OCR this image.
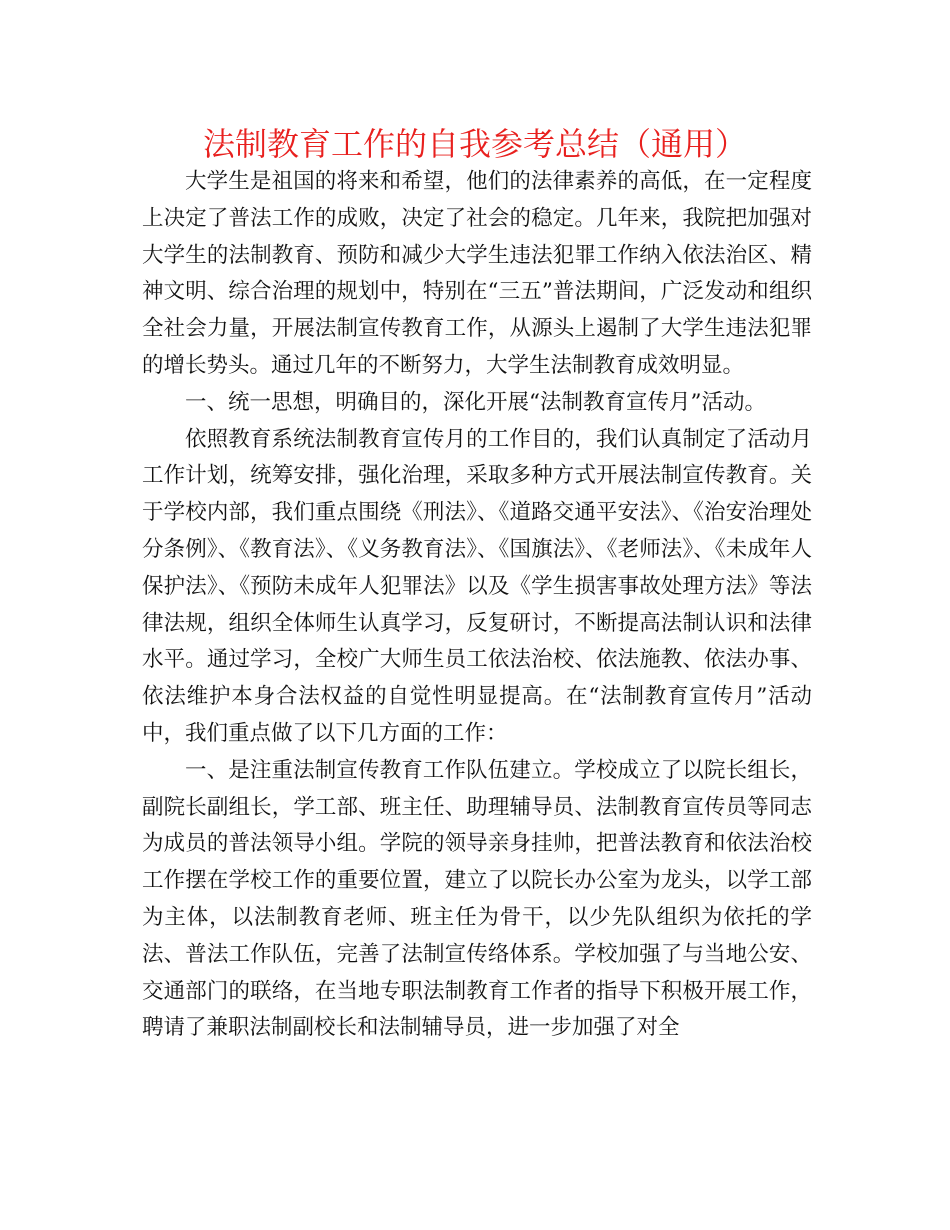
法制教育工作的自我参考总结（通用）

大学生是祖国的将来和希望，他们的法律素养的高低，在一定程度上决定了普法工作的成败，决定了社会的稳定。几年来，我院把加强对大学生的法制教育、预防和减少大学生违法犯罪工作纳入依法治区、精神文明、综合治理的规划中，特别在“三五”普法期间，广泛发动和组织全社会力量，开展法制宣传教育工作，从源头上遏制了大学生违法犯罪的增长势头。通过几年的不断努力，大学生法制教育成效明显。

一、统一思想，明确目的，深化开展“法制教育宣传月”活动。

依照教育系统法制教育宣传月的工作目的，我们认真制定了活动月工作计划，统筹安排，强化治理，采取多种方式开展法制宣传教育。关于学校内部，我们重点围绕《刑法》、《道路交通平安法》、《治安治理处分条例》、《教育法》、《义务教育法》、《国旗法》、《老师法》、《未成年人保护法》、《预防未成年人犯罪法》以及《学生损害事故处理方法》等法律法规，组织全体师生认真学习，反复研讨，不断提高法制认识和法律水平。通过学习，全校广大师生员工依法治校、依法施教、依法办事、依法维护本身合法权益的自觉性明显提高。在“法制教育宣传月”活动中，我们重点做了以下几方面的工作：

一、是注重法制宣传教育工作队伍建立。学校成立了以院长组长，副院长副组长，学工部、班主任、助理辅导员、法制教育宣传员等同志为成员的普法领导小组。学院的领导亲身挂帅，把普法教育和依法治校工作摆在学校工作的重要位置，建立了以院长办公室为龙头，以学工部为主体，以法制教育老师、班主任为骨干，以少先队组织为依托的学法、普法工作队伍，完善了法制宣传络体系。学校加强了与当地公安、交通部门的联络，在当地专职法制教育工作者的指导下积极开展工作，聘请了兼职法制副校长和法制辅导员，进一步加强了对全
